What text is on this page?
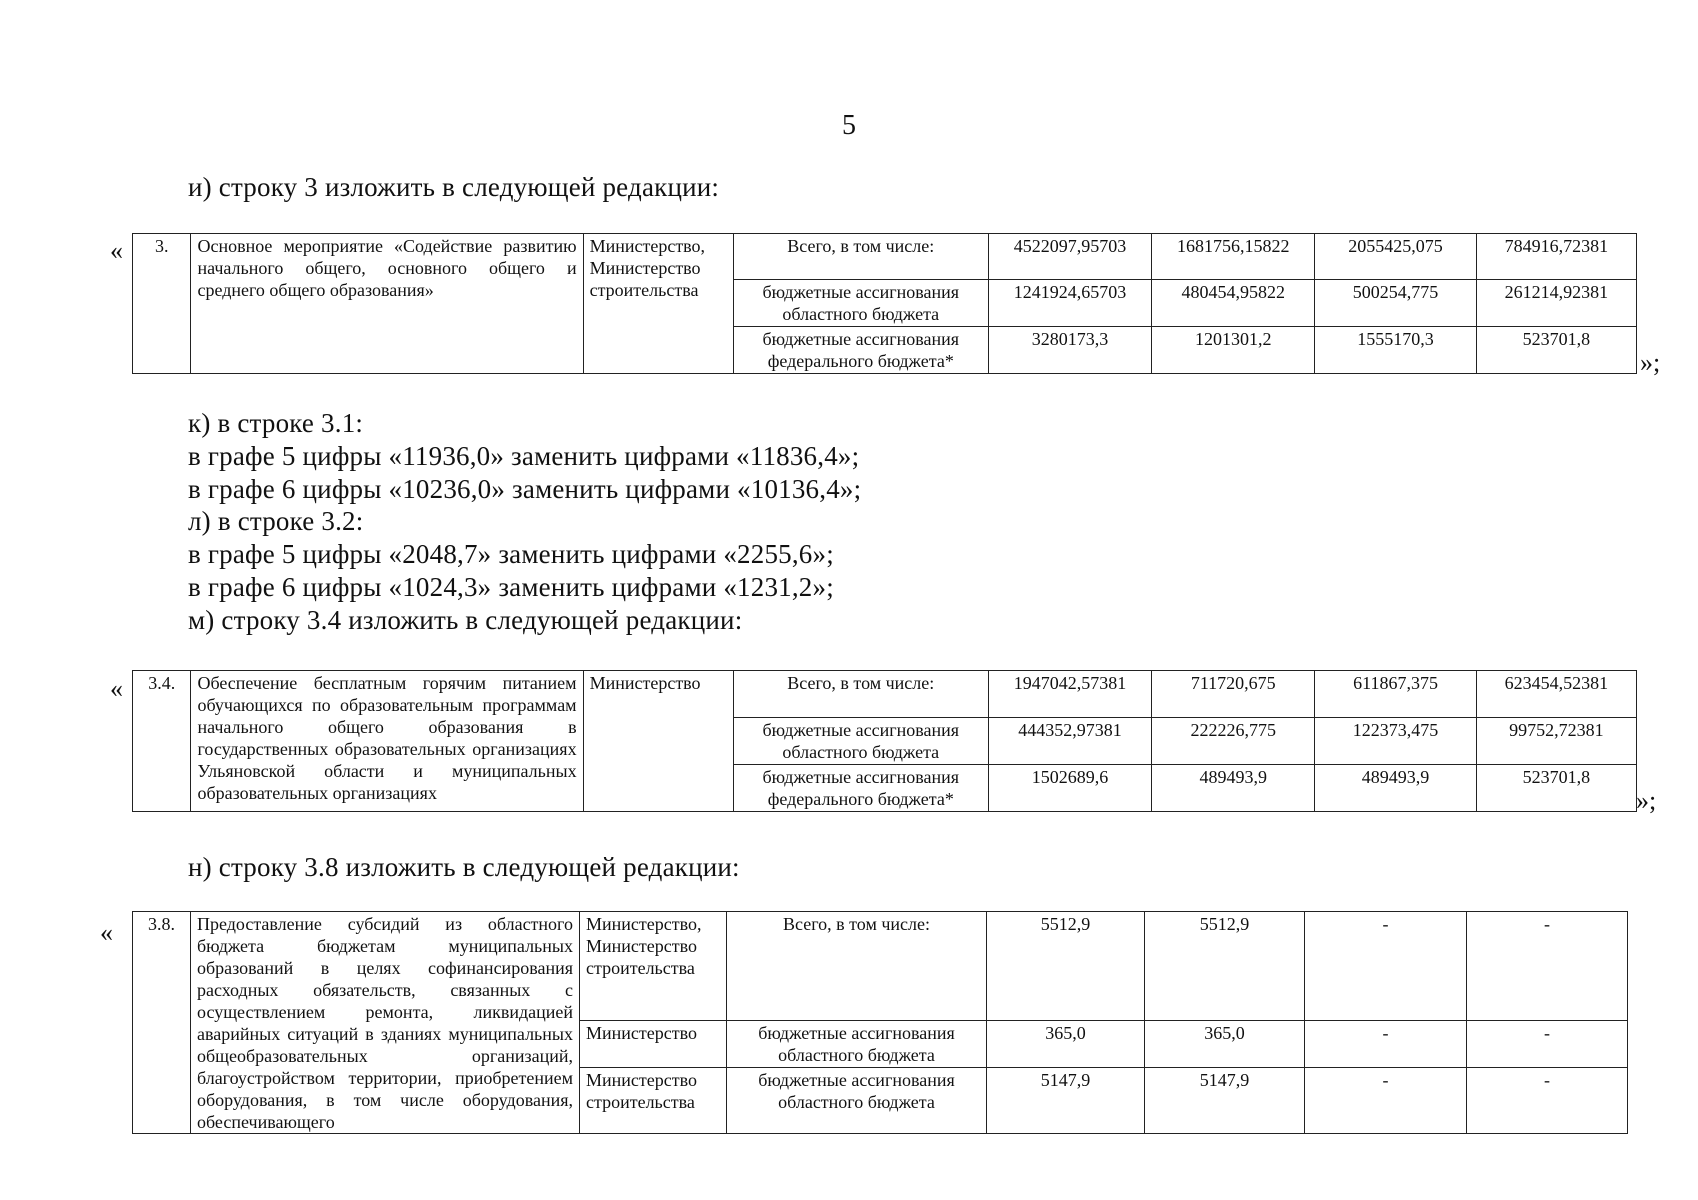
5
и) строку 3 изложить в следующей редакции:
« 3.	Основное мероприятие «Содействие развитию начального общего, основного общего и среднего общего образования»	Министерство, Министерство строительства	Всего, в том числе:	4522097,95703	1681756,15822	2055425,075	784916,72381
			бюджетные ассигнования областного бюджета	1241924,65703	480454,95822	500254,775	261214,92381
			бюджетные ассигнования федерального бюджета*	3280173,3	1201301,2	1555170,3	523701,8
»;
к) в строке 3.1:
в графе 5 цифры «11936,0» заменить цифрами «11836,4»;
в графе 6 цифры «10236,0» заменить цифрами «10136,4»;
л) в строке 3.2:
в графе 5 цифры «2048,7» заменить цифрами «2255,6»;
в графе 6 цифры «1024,3» заменить цифрами «1231,2»;
м) строку 3.4 изложить в следующей редакции:
« 3.4.	Обеспечение бесплатным горячим питанием обучающихся по образовательным программам начального общего образования в государственных образовательных организациях Ульяновской области и муниципальных образовательных организациях	Министерство	Всего, в том числе:	1947042,57381	711720,675	611867,375	623454,52381
			бюджетные ассигнования областного бюджета	444352,97381	222226,775	122373,475	99752,72381
			бюджетные ассигнования федерального бюджета*	1502689,6	489493,9	489493,9	523701,8
»;
н) строку 3.8 изложить в следующей редакции:
« 3.8.	Предоставление субсидий из областного бюджета бюджетам муниципальных образований в целях софинансирования расходных обязательств, связанных с осуществлением ремонта, ликвидацией аварийных ситуаций в зданиях муниципальных общеобразовательных организаций, благоустройством территории, приобретением оборудования, в том числе оборудования, обеспечивающего	Министерство, Министерство строительства	Всего, в том числе:	5512,9	5512,9	-	-
		Министерство	бюджетные ассигнования областного бюджета	365,0	365,0	-	-
		Министерство строительства	бюджетные ассигнования областного бюджета	5147,9	5147,9	-	-
